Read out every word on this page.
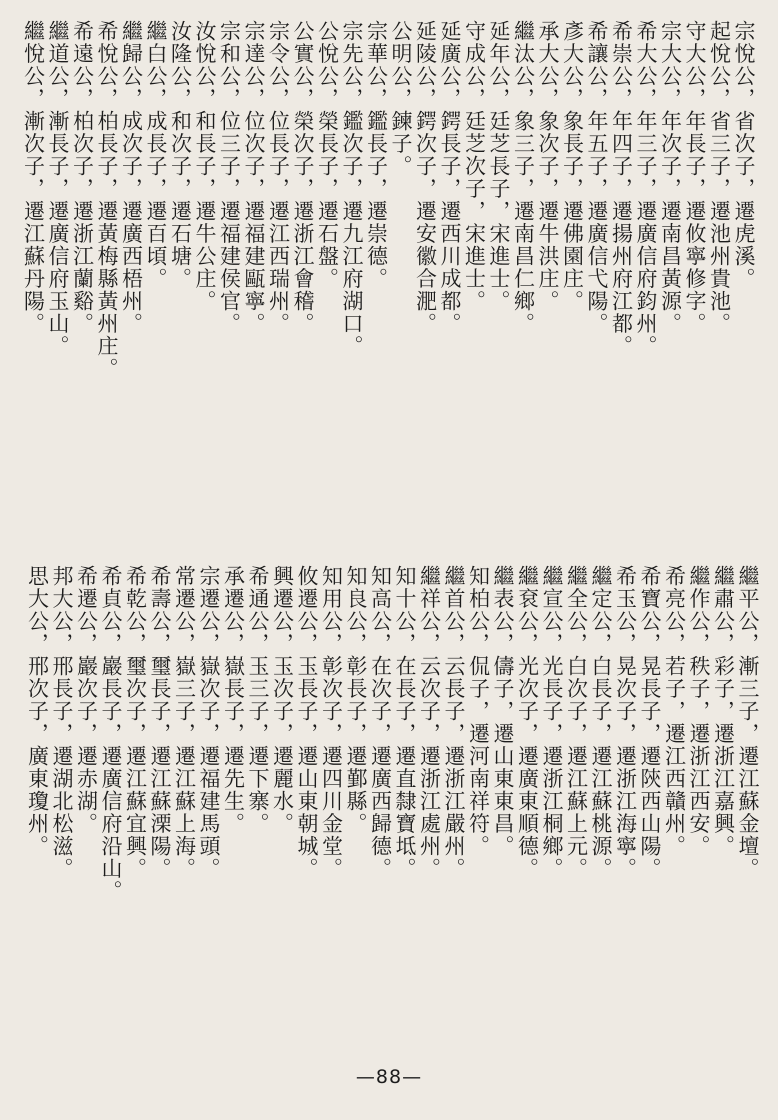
宗悅公，省次子，遷虎溪。
起悅公，省三子，遷池州貴池。
守大公，年長子，遷攸寧修字。
宗大公，年次子，遷南昌黃源。
希大公，年三子，遷廣信府鈞州。
希崇公，年四子，遷揚州府江都。
希讓公，年五子，遷廣信弋陽。
彥大公，象長子，遷佛園庄。
承大公，象次子，遷牛洪庄。
繼汰公，象三子，遷南昌仁鄉。
延年公，廷芝長子，宋進士。
守成公，廷芝次子，宋進士。
延廣公，鍔長子，遷西川成都。
延陵公，鍔次子，遷安徽合淝。
公明公，鍊子。
宗華公，鑑長子，遷崇德。
宗先公，鑑次子，遷九江府湖口。
公悅公，榮長子，遷石盤。
公實公，榮次子，遷浙江會稽。
宗令公，位長子，遷江西瑞州。
宗達公，位次子，遷福建甌寧。
宗和公，位三子，遷福建侯官。
汝悅公，和長子，遷牛公庄。
汝隆公，和次子，遷石塘。
繼白公，成長子，遷百頃。
繼歸公，成次子，遷廣西梧州。
希悅公，柏長子，遷黃梅縣黃州庄。
希遠公，柏次子，遷浙江蘭谿。
繼道公，漸長子，遷廣信府玉山。
繼悅公，漸次子，遷江蘇丹陽。
繼平公，漸三子，遷江蘇金壇。
繼肅公，彩子，遷浙江嘉興。
繼作公，秩子，遷浙江西安。
希亮公，若子，遷江西贛州。
希寶公，晃長子，遷陝西山陽。
希玉公，晃次子，遷浙江海寧。
繼定公，白長子，遷江蘇桃源。
繼全公，白次子，遷江蘇上元。
繼宣公，光長子，遷浙江桐鄉。
繼袞公，光次子，遷廣東順德。
繼表公，儔子，遷山東東昌。
知柏公，侃子，遷河南祥符。
繼首公，云長子，遷浙江嚴州。
繼祥公，云次子，遷浙江處州。
知十公，在長子，遷直隸寶坻。
知高公，在次子，遷廣西歸德。
知良公，彰長子，遷鄞縣。
知用公，彰次子，遷四川金堂。
攸遷公，玉長子，遷山東朝城。
興遷公，玉次子，遷麗水。
希通公，玉三子，遷下寨。
承遷公，嶽長子，遷先生。
宗遷公，嶽次子，遷福建馬頭。
常遷公，嶽三子，遷江蘇上海。
希壽公，璽長子，遷江蘇溧陽。
希乾公，璽次子，遷江蘇宜興。
希貞公，巖長子，遷廣信府沿山。
希遷公，巖次子，遷赤湖。
邦大公，邢長子，遷湖北松滋。
思大公，邢次子，廣東瓊州。
—88—
